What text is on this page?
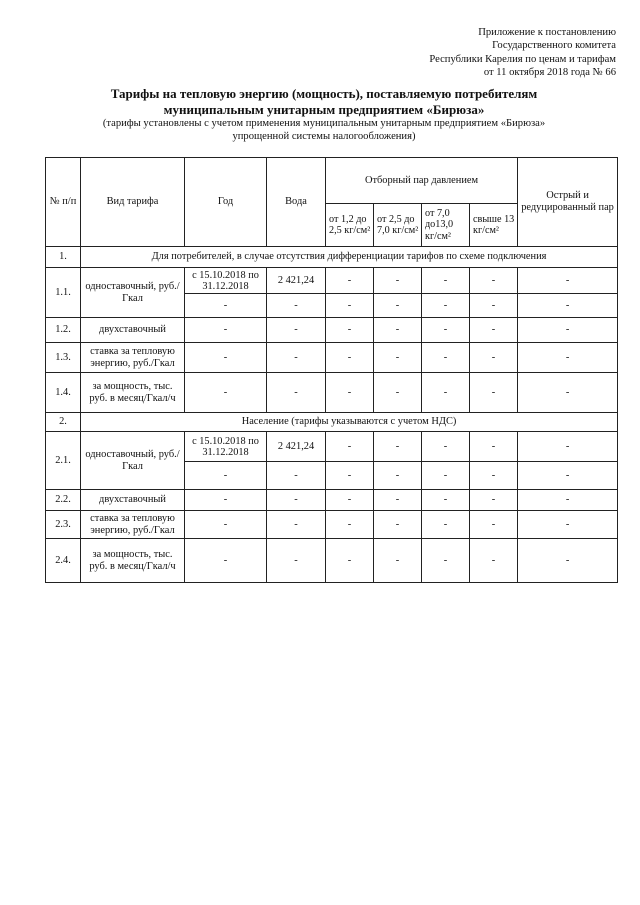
Приложение к постановлению
Государственного комитета
Республики Карелия по ценам и тарифам
от 11 октября 2018 года № 66
Тарифы на тепловую энергию (мощность), поставляемую потребителям
муниципальным унитарным предприятием «Бирюза»
(тарифы установлены с учетом применения муниципальным унитарным предприятием «Бирюза»
упрощенной системы налогообложения)
№ п/п	Вид тарифа	Год	Вода	Отборный пар давлением				Острый и редуцированный пар
				от 1,2 до 2,5 кг/см²	от 2,5 до 7,0 кг/см²	от 7,0 до13,0 кг/см²	свыше 13 кг/см²	
1.	Для потребителей, в случае отсутствия дифференциации тарифов по схеме подключения							
1.1.	одноставочный, руб./Гкал	с 15.10.2018 по 31.12.2018	2 421,24	-	-	-	-	-
		-	-	-	-	-	-	-
1.2.	двухставочный	-	-	-	-	-	-	-
1.3.	ставка за тепловую энергию, руб./Гкал	-	-	-	-	-	-	-
1.4.	за мощность, тыс. руб. в месяц/Гкал/ч	-	-	-	-	-	-	-
2.	Население (тарифы указываются с учетом НДС)							
2.1.	одноставочный, руб./Гкал	с 15.10.2018 по 31.12.2018	2 421,24	-	-	-	-	-
		-	-	-	-	-	-	-
2.2.	двухставочный	-	-	-	-	-	-	-
2.3.	ставка за тепловую энергию, руб./Гкал	-	-	-	-	-	-	-
2.4.	за мощность, тыс. руб. в месяц/Гкал/ч	-	-	-	-	-	-	-
